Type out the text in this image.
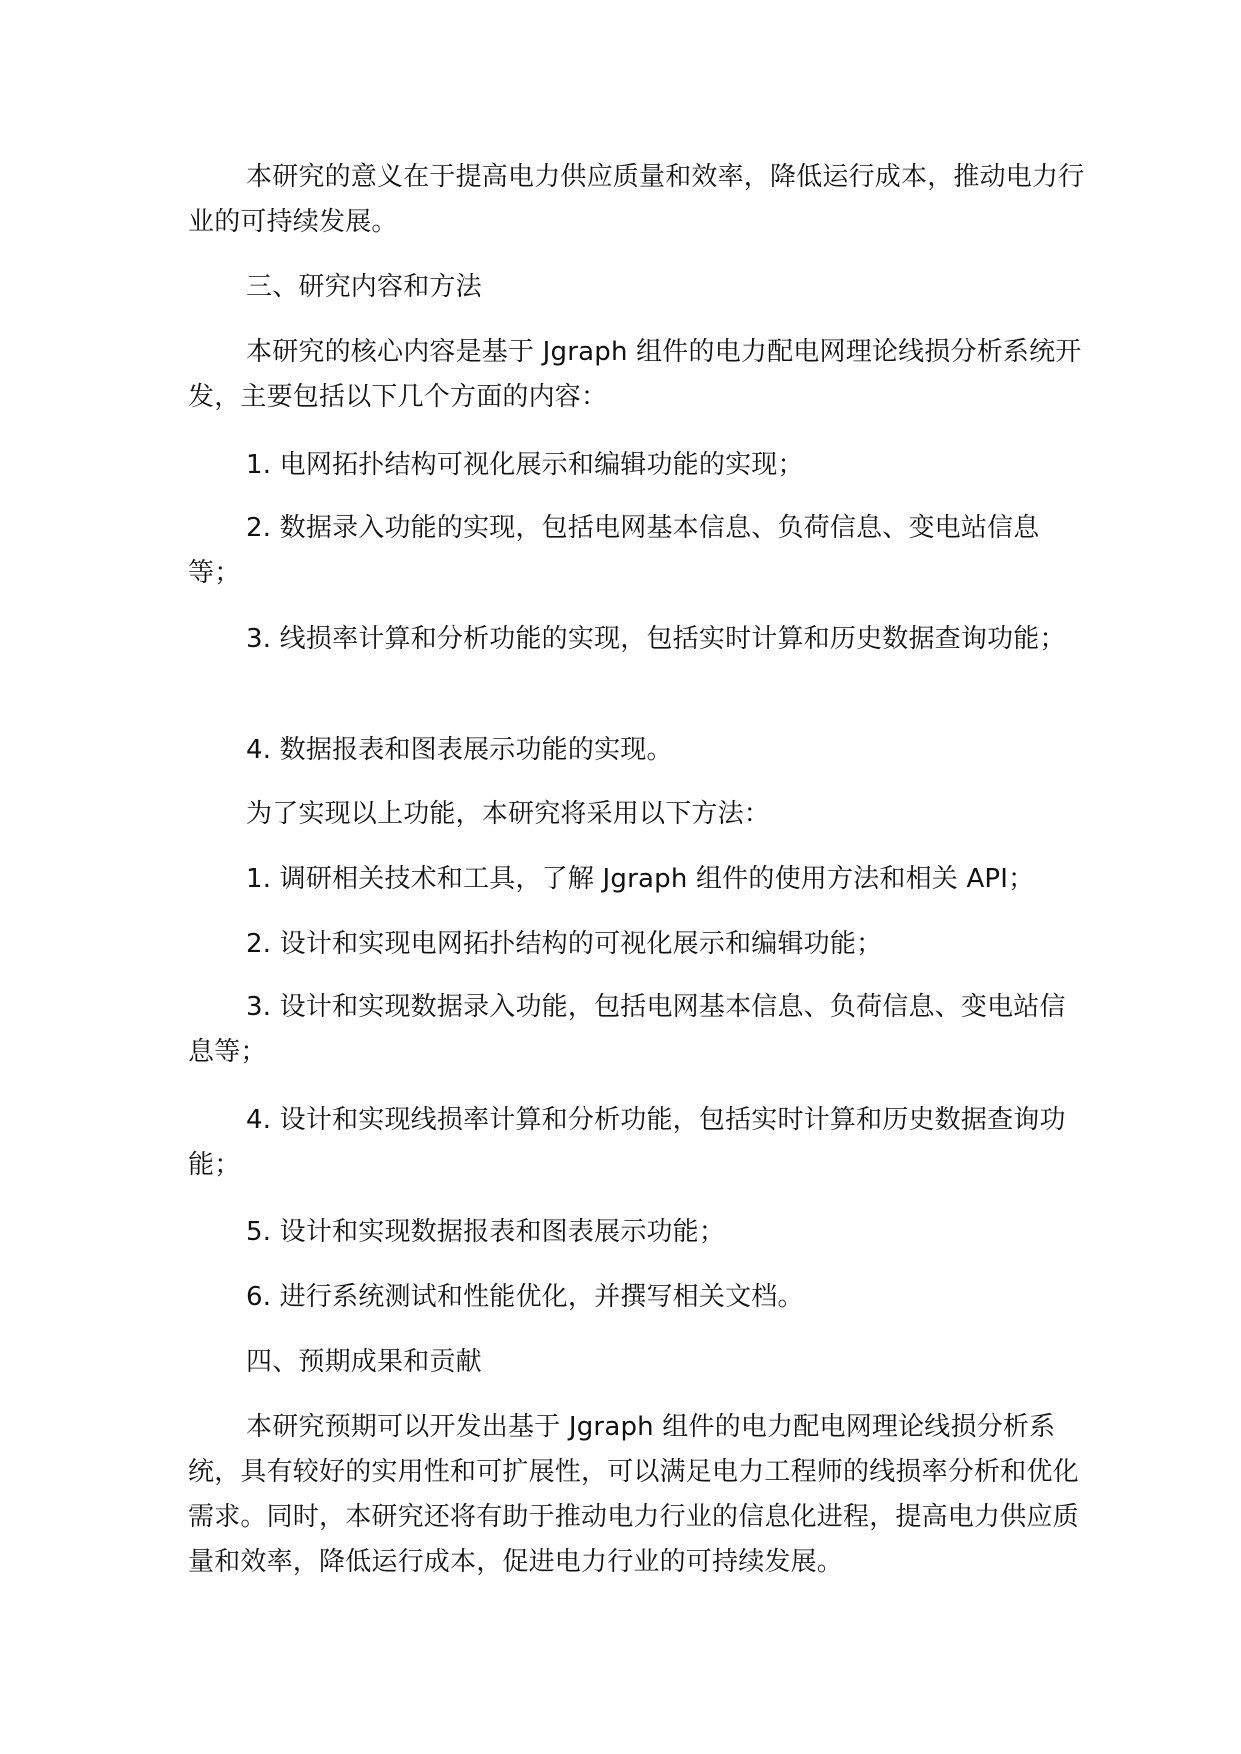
本研究的意义在于提高电力供应质量和效率，降低运行成本，推动电力行业的可持续发展。

三、研究内容和方法

本研究的核心内容是基于 Jgraph 组件的电力配电网理论线损分析系统开发，主要包括以下几个方面的内容：

1. 电网拓扑结构可视化展示和编辑功能的实现；

2. 数据录入功能的实现，包括电网基本信息、负荷信息、变电站信息等；

3. 线损率计算和分析功能的实现，包括实时计算和历史数据查询功能；

4. 数据报表和图表展示功能的实现。

为了实现以上功能，本研究将采用以下方法：

1. 调研相关技术和工具，了解 Jgraph 组件的使用方法和相关 API；

2. 设计和实现电网拓扑结构的可视化展示和编辑功能；

3. 设计和实现数据录入功能，包括电网基本信息、负荷信息、变电站信息等；

4. 设计和实现线损率计算和分析功能，包括实时计算和历史数据查询功能；

5. 设计和实现数据报表和图表展示功能；

6. 进行系统测试和性能优化，并撰写相关文档。

四、预期成果和贡献

本研究预期可以开发出基于 Jgraph 组件的电力配电网理论线损分析系统，具有较好的实用性和可扩展性，可以满足电力工程师的线损率分析和优化需求。同时，本研究还将有助于推动电力行业的信息化进程，提高电力供应质量和效率，降低运行成本，促进电力行业的可持续发展。
